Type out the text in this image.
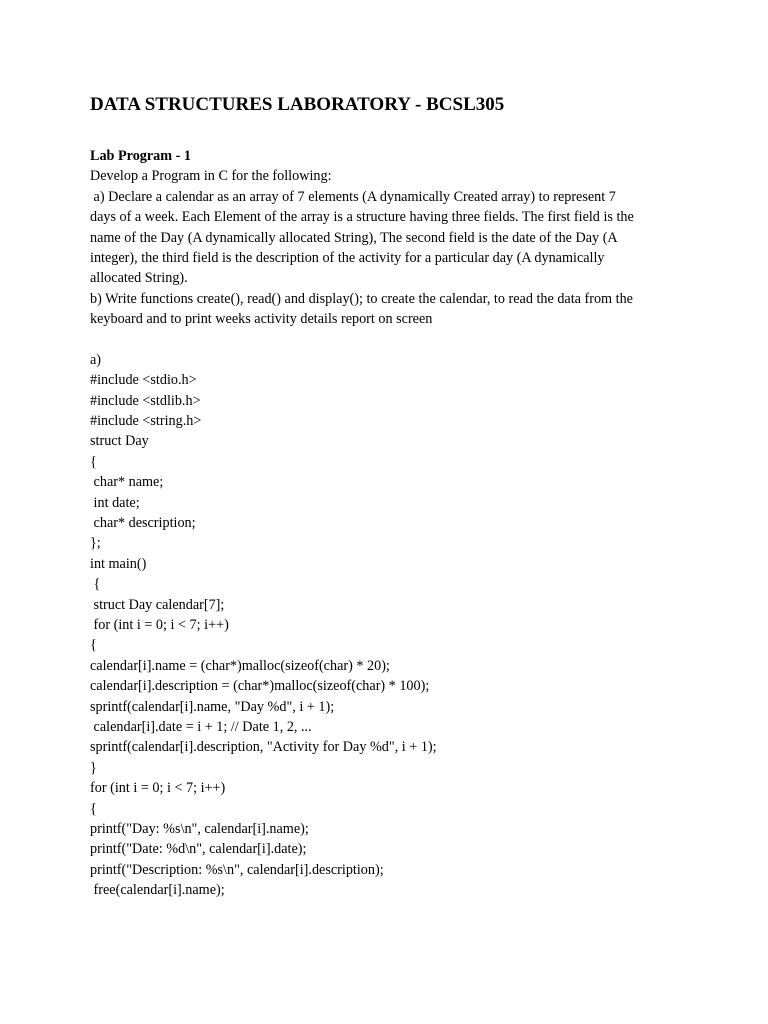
DATA STRUCTURES LABORATORY - BCSL305
Lab Program - 1
Develop a Program in C for the following:
a) Declare a calendar as an array of 7 elements (A dynamically Created array) to represent 7
days of a week. Each Element of the array is a structure having three fields. The first field is the
name of the Day (A dynamically allocated String), The second field is the date of the Day (A
integer), the third field is the description of the activity for a particular day (A dynamically
allocated String).
b) Write functions create(), read() and display(); to create the calendar, to read the data from the
keyboard and to print weeks activity details report on screen
a)
#include <stdio.h>
#include <stdlib.h>
#include <string.h>
struct Day
{
char* name;
int date;
char* description;
};
int main()
{
struct Day calendar[7];
for (int i = 0; i < 7; i++)
{
calendar[i].name = (char*)malloc(sizeof(char) * 20);
calendar[i].description = (char*)malloc(sizeof(char) * 100);
sprintf(calendar[i].name, "Day %d", i + 1);
calendar[i].date = i + 1; // Date 1, 2, ...
sprintf(calendar[i].description, "Activity for Day %d", i + 1);
}
for (int i = 0; i < 7; i++)
{
printf("Day: %s\n", calendar[i].name);
printf("Date: %d\n", calendar[i].date);
printf("Description: %s\n", calendar[i].description);
free(calendar[i].name);
